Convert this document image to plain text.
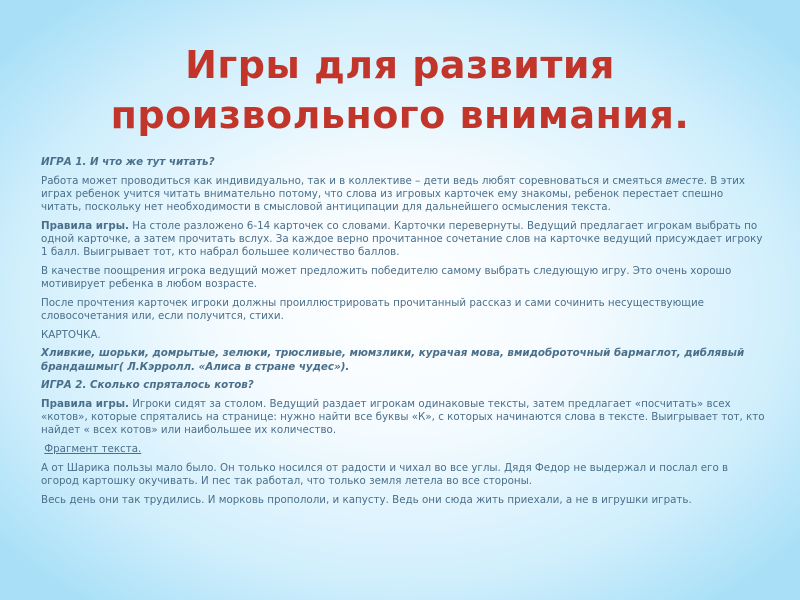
Игры для развития произвольного внимания.

ИГРА 1. И что же тут читать?

Работа может проводиться как индивидуально, так и в коллективе – дети ведь любят соревноваться и смеяться вместе. В этих играх ребенок учится читать внимательно потому, что слова из игровых карточек ему знакомы, ребенок перестает спешно читать, поскольку нет необходимости в смысловой антиципации для дальнейшего осмысления текста.

Правила игры. На столе разложено 6-14 карточек со словами. Карточки перевернуты. Ведущий предлагает игрокам выбрать по одной карточке, а затем прочитать вслух. За каждое верно прочитанное сочетание слов на карточке ведущий присуждает игроку 1 балл. Выигрывает тот, кто набрал большее количество баллов.

В качестве поощрения игрока ведущий может предложить победителю самому выбрать следующую игру. Это очень хорошо мотивирует ребенка в любом возрасте.

После прочтения карточек игроки должны проиллюстрировать прочитанный рассказ и сами сочинить несуществующие словосочетания или, если получится, стихи.

КАРТОЧКА.

Хливкие, шорьки, домрытые, зелюки, трюсливые, мюмзлики, курачая мова, вмидоброточный бармаглот, диблявый брандашмыг( Л.Кэрролл. «Алиса в стране чудес»).

ИГРА 2. Сколько спряталось котов?

Правила игры. Игроки сидят за столом. Ведущий раздает игрокам одинаковые тексты, затем предлагает «посчитать» всех «котов», которые спрятались на странице: нужно найти все буквы «К», с которых начинаются слова в тексте. Выигрывает тот, кто найдет « всех котов» или наибольшее их количество.

Фрагмент текста.

А от Шарика пользы мало было. Он только носился от радости и чихал во все углы. Дядя Федор не выдержал и послал его в огород картошку окучивать. И пес так работал, что только земля летела во все стороны.

Весь день они так трудились. И морковь пропололи, и капусту. Ведь они сюда жить приехали, а не в игрушки играть.
